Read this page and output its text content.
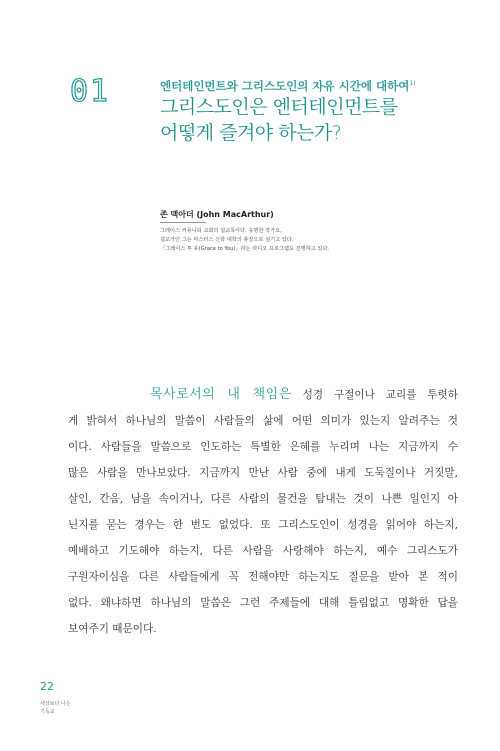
01	엔터테인먼트와 그리스도인의 자유 시간에 대하여$^{1)}$
그리스도인은 엔터테인먼트를
어떻게 즐겨야 하는가?
존 맥아더 (John MacArthur)
그레이스 커뮤니티 교회의 설교목사다. 유명한 작가요,
설교가인 그는 마스터스 신학 대학의 총장으로 섬기고 있다.
「그레이스 투 유(Grace to You)」라는 라디오 프로그램도 진행하고 있다.
목사로서의 내 책임은 성경 구절이나 교리를 투렷하
게 밝혀서 하나님의 말씀이 사람들의 삶에 어떤 의미가 있는지 알려주는 것
이다. 사람들을 말씀으로 인도하는 특별한 은혜를 누리며 나는 지금까지 수
많은 사람을 만나보았다. 지금까지 만난 사람 중에 내게 도둑질이나 거짓말,
살인, 간음, 남을 속이거나, 다른 사람의 물건을 탐내는 것이 나쁜 일인지 아
닌지를 묻는 경우는 한 번도 없었다. 또 그리스도인이 성경을 읽어야 하는지,
예배하고 기도해야 하는지, 다른 사람을 사랑해야 하는지, 예수 그리스도가
구원자이심을 다른 사람들에게 꼭 전해야만 하는지도 질문을 받아 본 적이
없다. 왜냐하면 하나님의 말씀은 그런 주제들에 대해 틀림없고 명확한 답을
보여주기 때문이다.
22
세상보다 나은
기독교
